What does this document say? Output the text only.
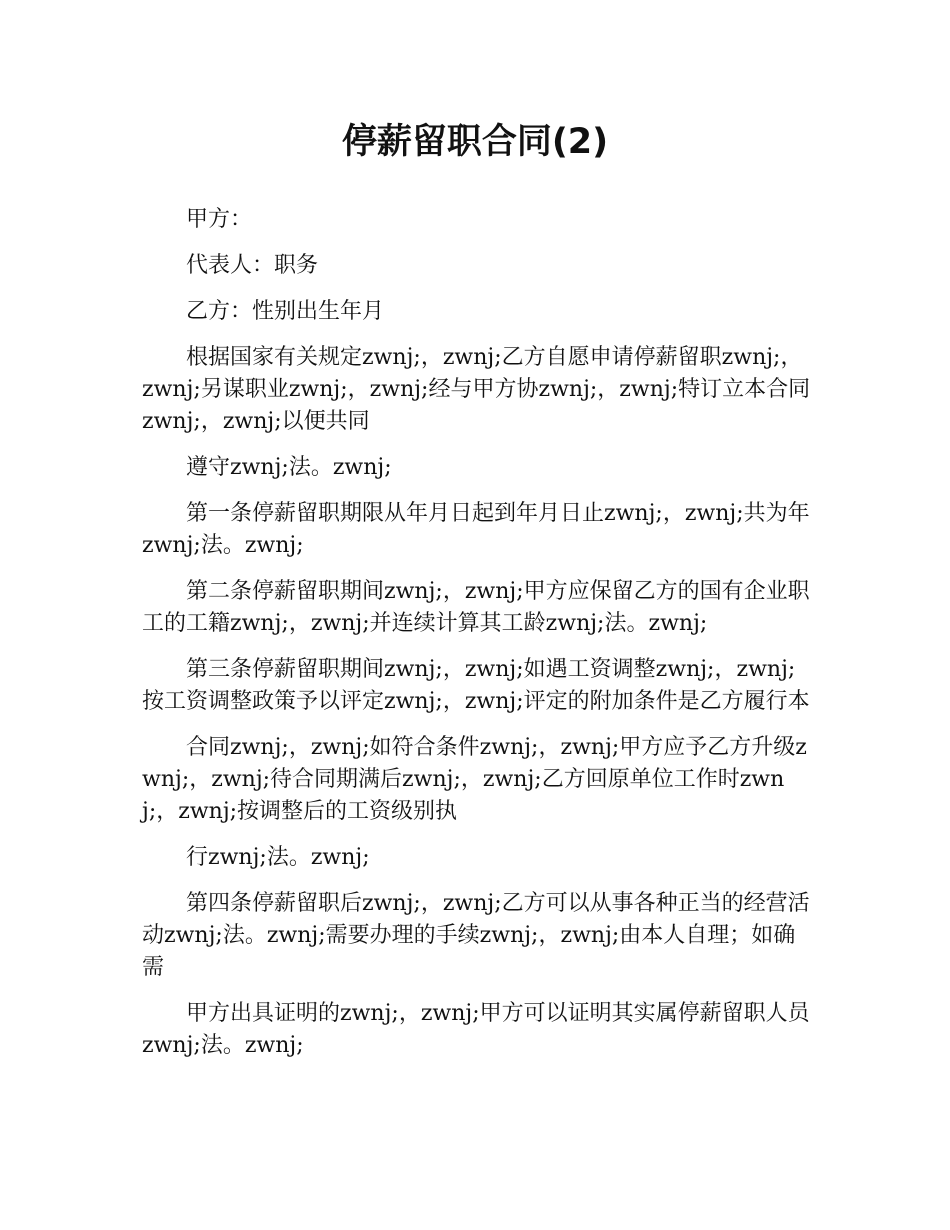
停薪留职合同(2)

甲方：

代表人：职务

乙方：性别出生年月

根据国家有关规定zwnj;，zwnj;乙方自愿申请停薪留职zwnj;，zwnj;另谋职业zwnj;，zwnj;经与甲方协zwnj;，zwnj;特订立本合同zwnj;，zwnj;以便共同

遵守zwnj;法。zwnj;

第一条停薪留职期限从年月日起到年月日止zwnj;，zwnj;共为年zwnj;法。zwnj;

第二条停薪留职期间zwnj;，zwnj;甲方应保留乙方的国有企业职工的工籍zwnj;，zwnj;并连续计算其工龄zwnj;法。zwnj;

第三条停薪留职期间zwnj;，zwnj;如遇工资调整zwnj;，zwnj;按工资调整政策予以评定zwnj;，zwnj;评定的附加条件是乙方履行本

合同zwnj;，zwnj;如符合条件zwnj;，zwnj;甲方应予乙方升级zwnj;，zwnj;待合同期满后zwnj;，zwnj;乙方回原单位工作时zwnj;，zwnj;按调整后的工资级别执

行zwnj;法。zwnj;

第四条停薪留职后zwnj;，zwnj;乙方可以从事各种正当的经营活动zwnj;法。zwnj;需要办理的手续zwnj;，zwnj;由本人自理；如确需

甲方出具证明的zwnj;，zwnj;甲方可以证明其实属停薪留职人员zwnj;法。zwnj;
